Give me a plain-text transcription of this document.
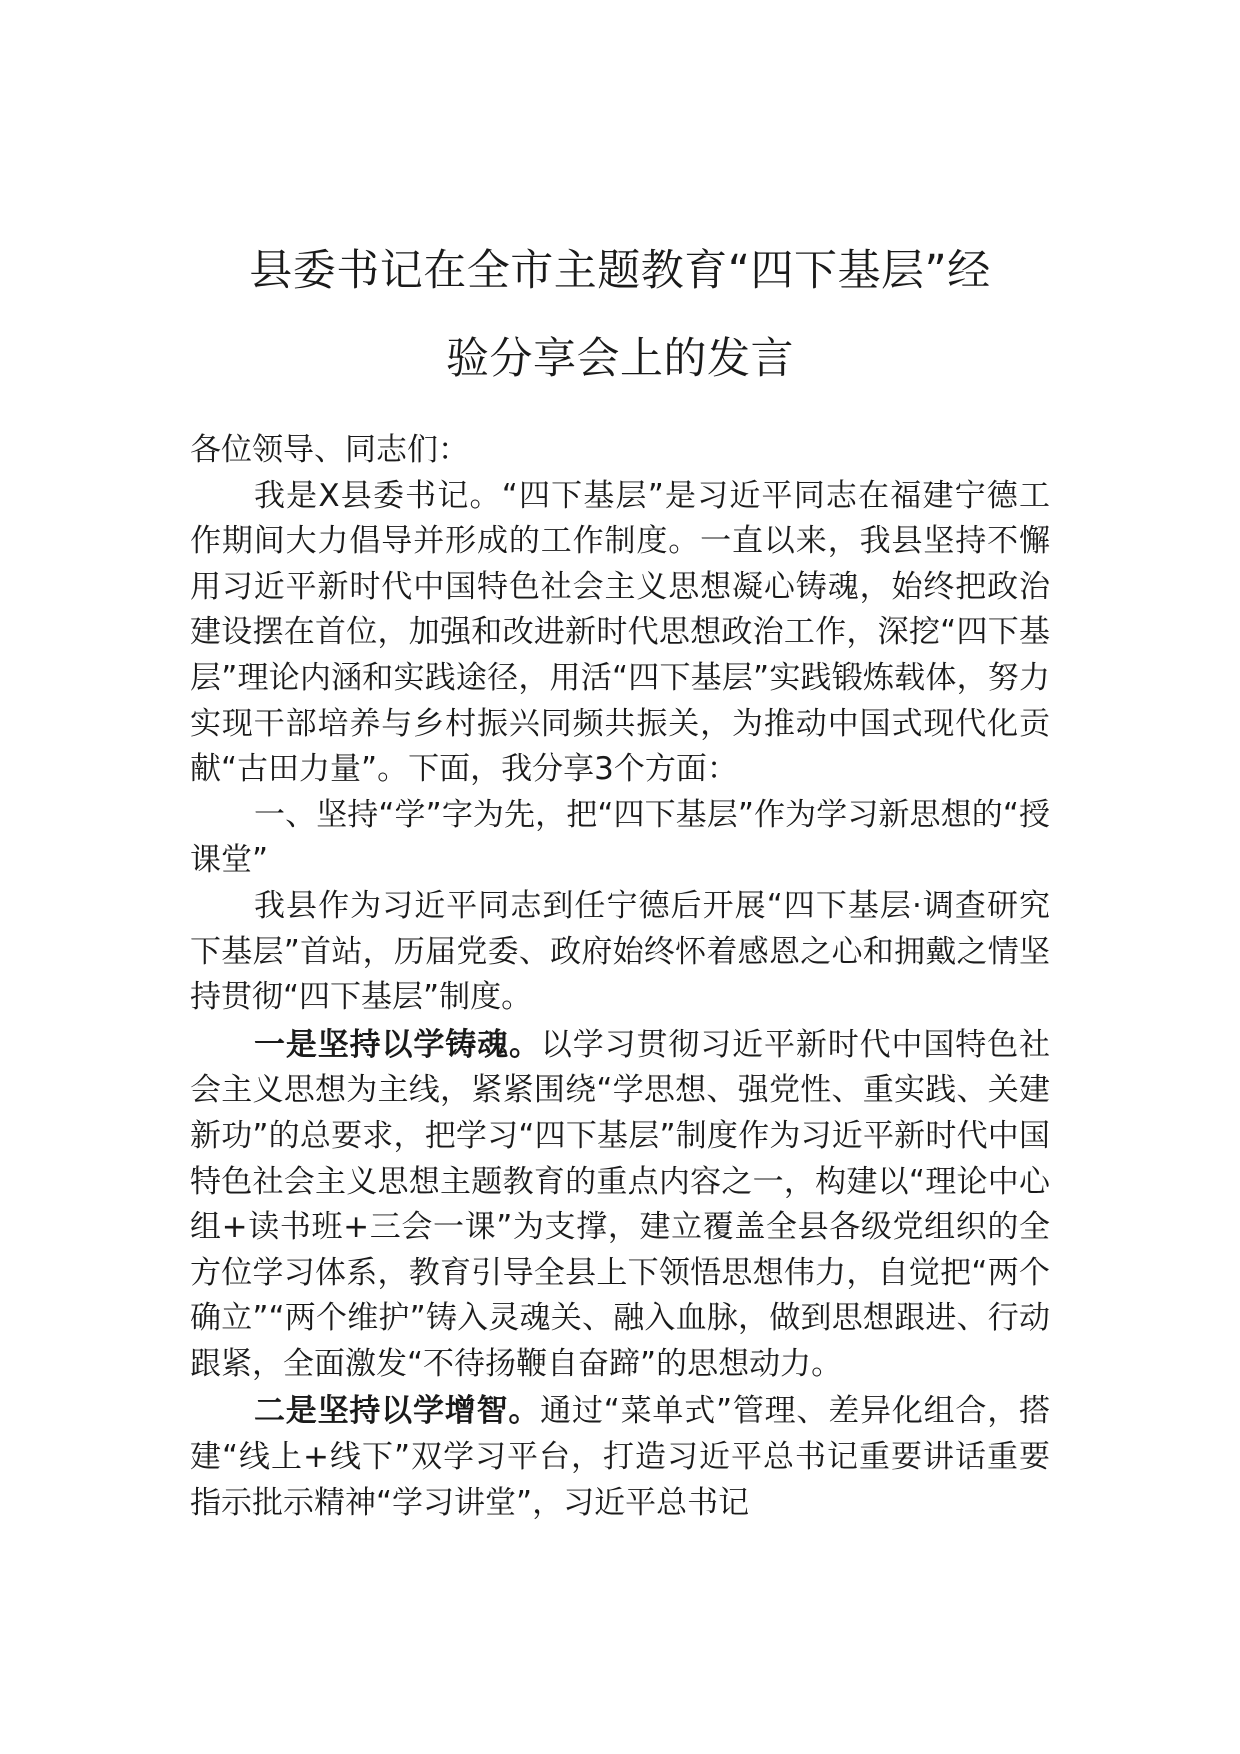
县委书记在全市主题教育“四下基层”经
验分享会上的发言

各位领导、同志们：

我是X县委书记。“四下基层”是习近平同志在福建宁德工作期间大力倡导并形成的工作制度。一直以来，我县坚持不懈用习近平新时代中国特色社会主义思想凝心铸魂，始终把政治建设摆在首位，加强和改进新时代思想政治工作，深挖“四下基层”理论内涵和实践途径，用活“四下基层”实践锻炼载体，努力实现干部培养与乡村振兴同频共振关，为推动中国式现代化贡献“古田力量”。下面，我分享3个方面：

一、坚持“学”字为先，把“四下基层”作为学习新思想的“授课堂”

我县作为习近平同志到任宁德后开展“四下基层·调查研究下基层”首站，历届党委、政府始终怀着感恩之心和拥戴之情坚持贯彻“四下基层”制度。

一是坚持以学铸魂。以学习贯彻习近平新时代中国特色社会主义思想为主线，紧紧围绕“学思想、强党性、重实践、关建新功”的总要求，把学习“四下基层”制度作为习近平新时代中国特色社会主义思想主题教育的重点内容之一，构建以“理论中心组+读书班+三会一课”为支撑，建立覆盖全县各级党组织的全方位学习体系，教育引导全县上下领悟思想伟力，自觉把“两个确立”“两个维护”铸入灵魂关、融入血脉，做到思想跟进、行动跟紧，全面激发“不待扬鞭自奋蹄”的思想动力。

二是坚持以学增智。通过“菜单式”管理、差异化组合，搭建“线上+线下”双学习平台，打造习近平总书记重要讲话重要指示批示精神“学习讲堂”，习近平总书记
